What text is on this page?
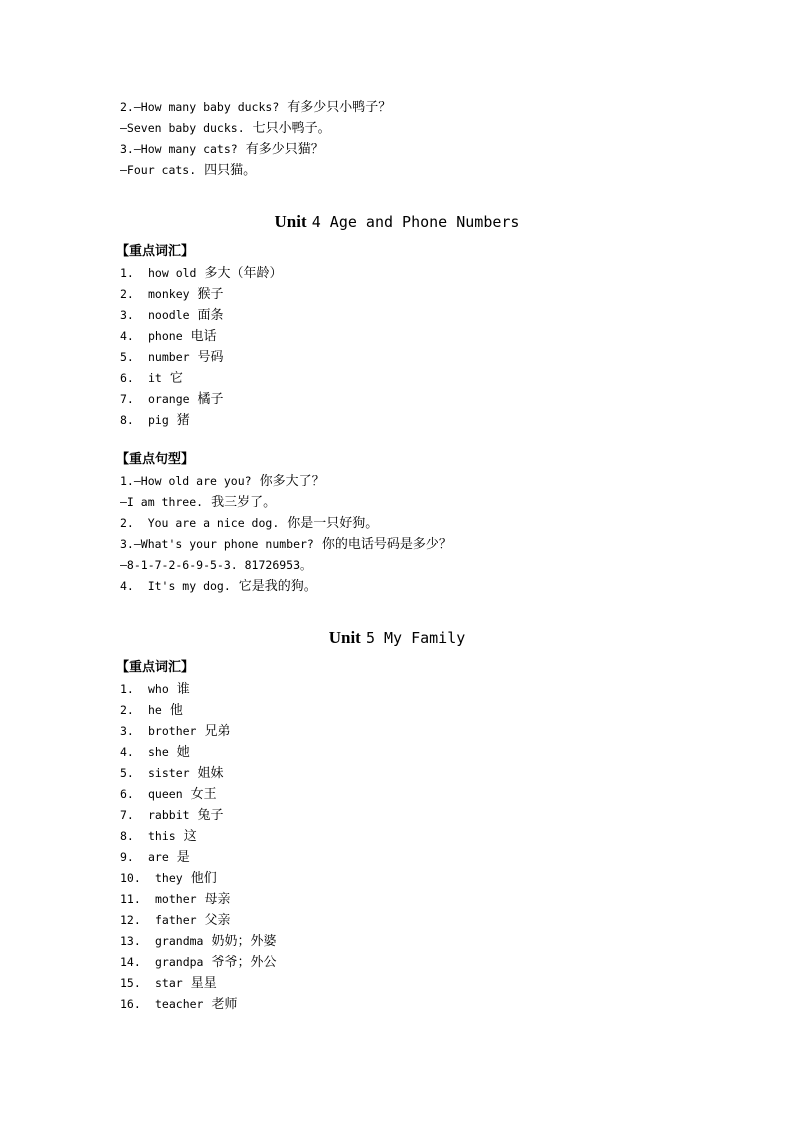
2.—How many baby ducks? 有多少只小鸭子？
—Seven baby ducks. 七只小鸭子。
3.—How many cats? 有多少只猫？
—Four cats. 四只猫。
Unit 4 Age and Phone Numbers
【重点词汇】
1. how old 多大（年龄）
2. monkey 猴子
3. noodle 面条
4. phone 电话
5. number 号码
6. it 它
7. orange 橘子
8. pig 猪
【重点句型】
1.—How old are you? 你多大了？
—I am three. 我三岁了。
2.  You are a nice dog. 你是一只好狗。
3.—What's your phone number? 你的电话号码是多少？
—8-1-7-2-6-9-5-3. 81726953。
4.  It's my dog. 它是我的狗。
Unit 5 My Family
【重点词汇】
1. who 谁
2. he 他
3. brother 兄弟
4. she 她
5. sister 姐妹
6. queen 女王
7. rabbit 兔子
8. this 这
9. are 是
10. they 他们
11. mother 母亲
12. father 父亲
13. grandma 奶奶；外婆
14. grandpa 爷爷；外公
15. star 星星
16. teacher 老师
